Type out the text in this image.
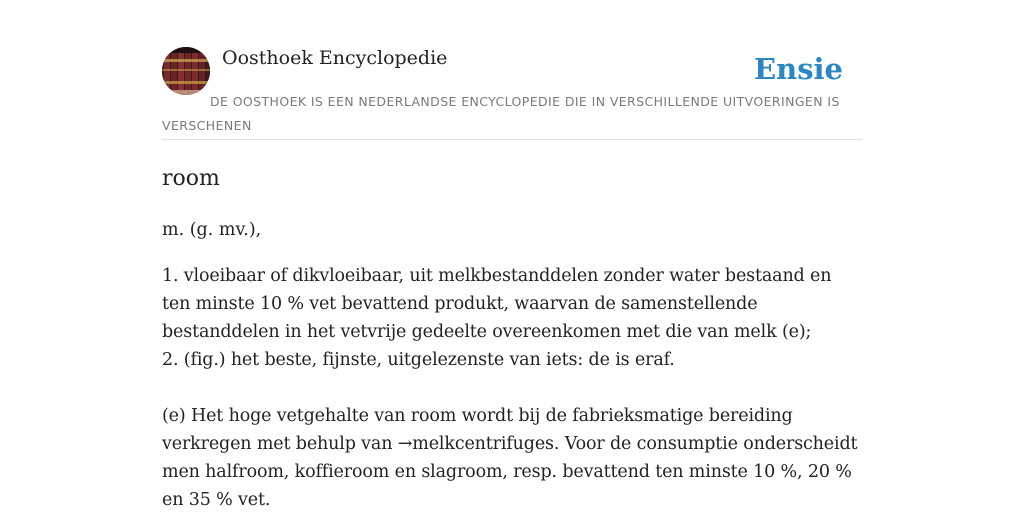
Oosthoek Encyclopedie	Ensie
DE OOSTHOEK IS EEN NEDERLANDSE ENCYCLOPEDIE DIE IN VERSCHILLENDE UITVOERINGEN IS VERSCHENEN
room

m. (g. mv.),

1. vloeibaar of dikvloeibaar, uit melkbestanddelen zonder water bestaand en ten minste 10 % vet bevattend produkt, waarvan de samenstellende bestanddelen in het vetvrije gedeelte overeenkomen met die van melk (e);

2. (fig.) het beste, fijnste, uitgelezenste van iets: de is eraf.

(e) Het hoge vetgehalte van room wordt bij de fabrieksmatige bereiding verkregen met behulp van →melkcentrifuges. Voor de consumptie onderscheidt men halfroom, koffieroom en slagroom, resp. bevattend ten minste 10 %, 20 % en 35 % vet.
